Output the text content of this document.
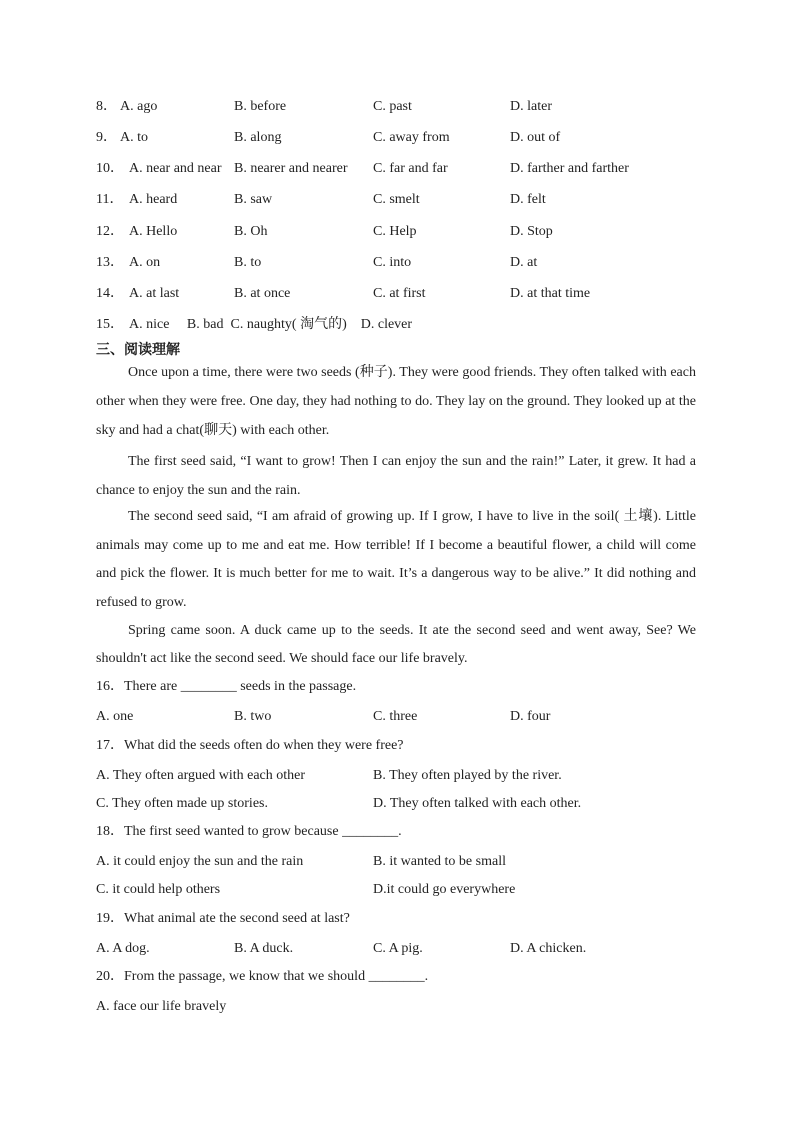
8． A. ago	B. before	C. past	D. later
9． A. to	B. along	C. away from	D. out of
10． A. near and near B. nearer and nearer C. far and far	D. farther and farther
11． A. heard	B. saw	C. smelt	D. felt
12． A. Hello	B. Oh	C. Help	D. Stop
13． A. on	B. to	C. into	D. at
14． A. at last	B. at once	C. at first	D. at that time
15． A. nice     B. bad  C. naughty( 淘气的)    D. clever
三、阅读理解
Once upon a time, there were two seeds (种子). They were good friends. They often talked with each other when they were free. One day, they had nothing to do. They lay on the ground. They looked up at the sky and had a chat(聊天) with each other.
The first seed said, “I want to grow! Then I can enjoy the sun and the rain!” Later, it grew. It had a chance to enjoy the sun and the rain.
The second seed said, “I am afraid of growing up. If I grow, I have to live in the soil( 土壤). Little animals may come up to me and eat me. How terrible! If I become a beautiful flower, a child will come and pick the flower. It is much better for me to wait. It’s a dangerous way to be alive.” It did nothing and refused to grow.
Spring came soon. A duck came up to the seeds. It ate the second seed and went away, See? We shouldn't act like the second seed. We should face our life bravely.
16．There are ________ seeds in the passage.
A. one	B. two	C. three	D. four
17．What did the seeds often do when they were free?
A. They often argued with each other	B. They often played by the river.
C. They often made up stories.	D. They often talked with each other.
18．The first seed wanted to grow because ________.
A. it could enjoy the sun and the rain	B. it wanted to be small
C. it could help others	D.it could go everywhere
19．What animal ate the second seed at last?
A. A dog.	B. A duck.	C. A pig.	D. A chicken.
20．From the passage, we know that we should ________.
A. face our life bravely
